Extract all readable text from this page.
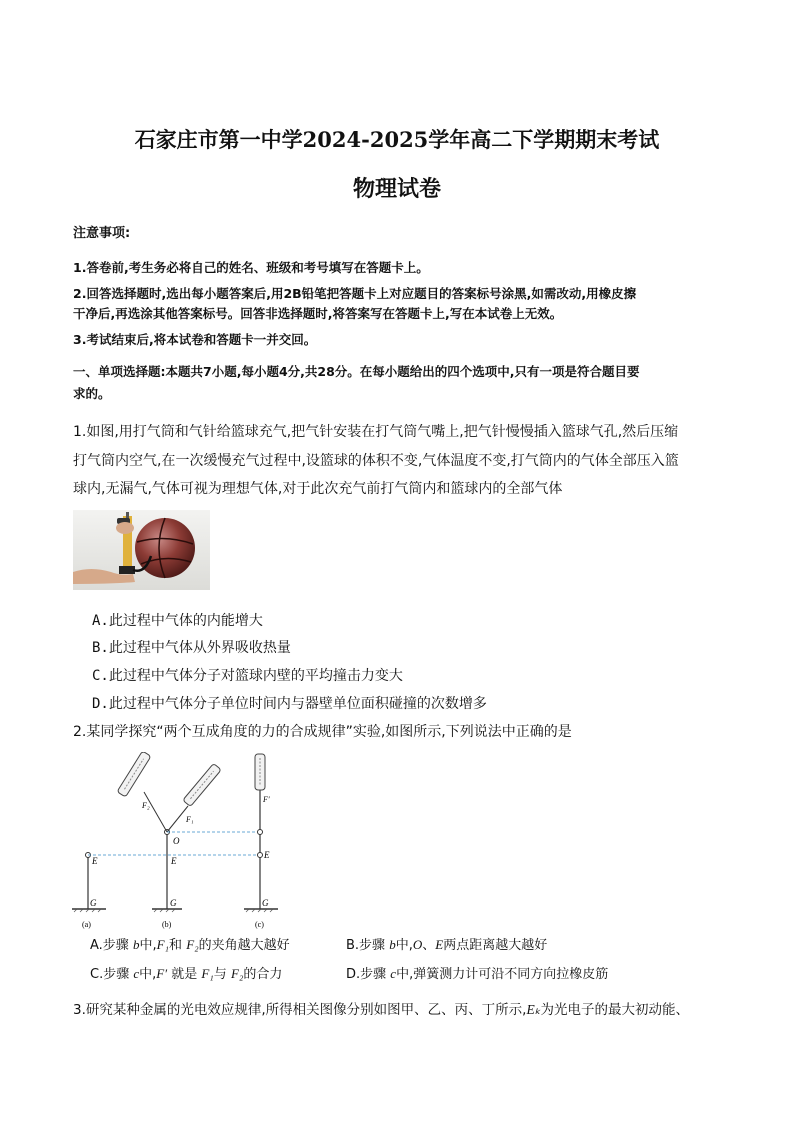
石家庄市第一中学2024-2025学年高二下学期期末考试
物理试卷
注意事项:
1.答卷前,考生务必将自己的姓名、班级和考号填写在答题卡上。
2.回答选择题时,选出每小题答案后,用2B铅笔把答题卡上对应题目的答案标号涂黑,如需改动,用橡皮擦
干净后,再选涂其他答案标号。回答非选择题时,将答案写在答题卡上,写在本试卷上无效。
3.考试结束后,将本试卷和答题卡一并交回。
一、单项选择题:本题共7小题,每小题4分,共28分。在每小题给出的四个选项中,只有一项是符合题目要
求的。
1.如图,用打气筒和气针给篮球充气,把气针安装在打气筒气嘴上,把气针慢慢插入篮球气孔,然后压缩
打气筒内空气,在一次缓慢充气过程中,设篮球的体积不变,气体温度不变,打气筒内的气体全部压入篮
球内,无漏气,气体可视为理想气体,对于此次充气前打气筒内和篮球内的全部气体
A.此过程中气体的内能增大
B.此过程中气体从外界吸收热量
C.此过程中气体分子对篮球内壁的平均撞击力变大
D.此过程中气体分子单位时间内与器壁单位面积碰撞的次数增多
2.某同学探究“两个互成角度的力的合成规律”实验,如图所示,下列说法中正确的是
E
G
(a)
F₂
F₁
O
E
G
(b)
F′
E
G
(c)
A.步骤 b中,F₁和 F₂的夹角越大越好	B.步骤 b中,O、E两点距离越大越好
C.步骤 c中,F′ 就是 F₁与 F₂的合力	D.步骤 c中,弹簧测力计可沿不同方向拉橡皮筋
3.研究某种金属的光电效应规律,所得相关图像分别如图甲、乙、丙、丁所示,Eₖ为光电子的最大初动能、
